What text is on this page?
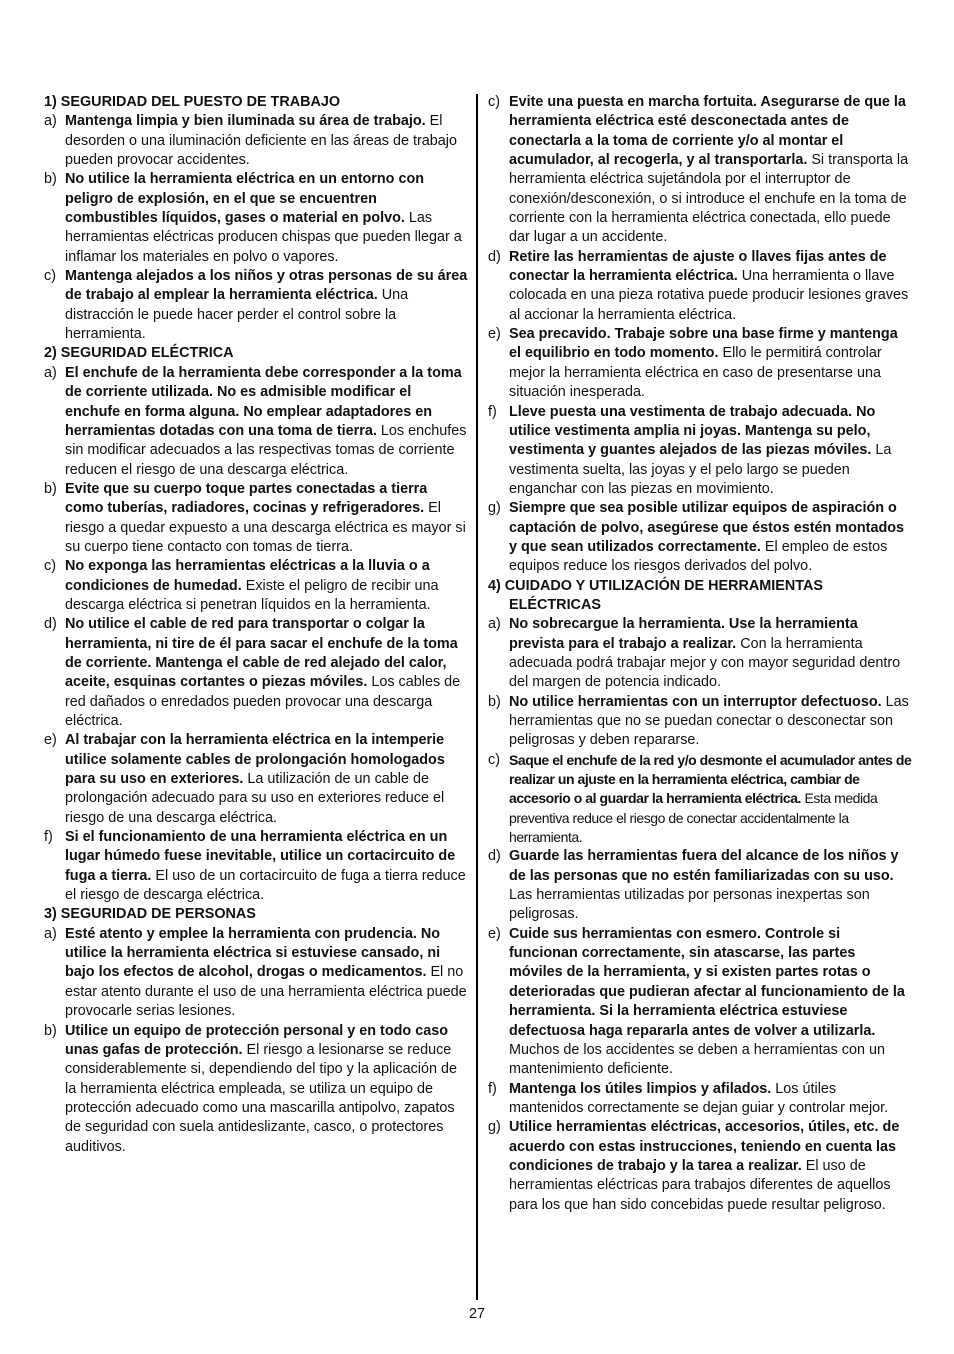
1) SEGURIDAD DEL PUESTO DE TRABAJO
a) Mantenga limpia y bien iluminada su área de trabajo. El desorden o una iluminación deficiente en las áreas de trabajo pueden provocar accidentes.
b) No utilice la herramienta eléctrica en un entorno con peligro de explosión, en el que se encuentren combustibles líquidos, gases o material en polvo. Las herramientas eléctricas producen chispas que pueden llegar a inflamar los materiales en polvo o vapores.
c) Mantenga alejados a los niños y otras personas de su área de trabajo al emplear la herramienta eléctrica. Una distracción le puede hacer perder el control sobre la herramienta.
2) SEGURIDAD ELÉCTRICA
a) El enchufe de la herramienta debe corresponder a la toma de corriente utilizada. No es admisible modificar el enchufe en forma alguna. No emplear adaptadores en herramientas dotadas con una toma de tierra. Los enchufes sin modificar adecuados a las respectivas tomas de corriente reducen el riesgo de una descarga eléctrica.
b) Evite que su cuerpo toque partes conectadas a tierra como tuberías, radiadores, cocinas y refrigeradores. El riesgo a quedar expuesto a una descarga eléctrica es mayor si su cuerpo tiene contacto con tomas de tierra.
c) No exponga las herramientas eléctricas a la lluvia o a condiciones de humedad. Existe el peligro de recibir una descarga eléctrica si penetran líquidos en la herramienta.
d) No utilice el cable de red para transportar o colgar la herramienta, ni tire de él para sacar el enchufe de la toma de corriente. Mantenga el cable de red alejado del calor, aceite, esquinas cortantes o piezas móviles. Los cables de red dañados o enredados pueden provocar una descarga eléctrica.
e) Al trabajar con la herramienta eléctrica en la intemperie utilice solamente cables de prolongación homologados para su uso en exteriores. La utilización de un cable de prolongación adecuado para su uso en exteriores reduce el riesgo de una descarga eléctrica.
f) Si el funcionamiento de una herramienta eléctrica en un lugar húmedo fuese inevitable, utilice un cortacircuito de fuga a tierra. El uso de un cortacircuito de fuga a tierra reduce el riesgo de descarga eléctrica.
3) SEGURIDAD DE PERSONAS
a) Esté atento y emplee la herramienta con prudencia. No utilice la herramienta eléctrica si estuviese cansado, ni bajo los efectos de alcohol, drogas o medicamentos. El no estar atento durante el uso de una herramienta eléctrica puede provocarle serias lesiones.
b) Utilice un equipo de protección personal y en todo caso unas gafas de protección. El riesgo a lesionarse se reduce considerablemente si, dependiendo del tipo y la aplicación de la herramienta eléctrica empleada, se utiliza un equipo de protección adecuado como una mascarilla antipolvo, zapatos de seguridad con suela antideslizante, casco, o protectores auditivos.
c) Evite una puesta en marcha fortuita. Asegurarse de que la herramienta eléctrica esté desconectada antes de conectarla a la toma de corriente y/o al montar el acumulador, al recogerla, y al transportarla. Si transporta la herramienta eléctrica sujetándola por el interruptor de conexión/desconexión, o si introduce el enchufe en la toma de corriente con la herramienta eléctrica conectada, ello puede dar lugar a un accidente.
d) Retire las herramientas de ajuste o llaves fijas antes de conectar la herramienta eléctrica. Una herramienta o llave colocada en una pieza rotativa puede producir lesiones graves al accionar la herramienta eléctrica.
e) Sea precavido. Trabaje sobre una base firme y mantenga el equilibrio en todo momento. Ello le permitirá controlar mejor la herramienta eléctrica en caso de presentarse una situación inesperada.
f) Lleve puesta una vestimenta de trabajo adecuada. No utilice vestimenta amplia ni joyas. Mantenga su pelo, vestimenta y guantes alejados de las piezas móviles. La vestimenta suelta, las joyas y el pelo largo se pueden enganchar con las piezas en movimiento.
g) Siempre que sea posible utilizar equipos de aspiración o captación de polvo, asegúrese que éstos estén montados y que sean utilizados correctamente. El empleo de estos equipos reduce los riesgos derivados del polvo.
4) CUIDADO Y UTILIZACIÓN DE HERRAMIENTAS
ELÉCTRICAS
a) No sobrecargue la herramienta. Use la herramienta prevista para el trabajo a realizar. Con la herramienta adecuada podrá trabajar mejor y con mayor seguridad dentro del margen de potencia indicado.
b) No utilice herramientas con un interruptor defectuoso. Las herramientas que no se puedan conectar o desconectar son peligrosas y deben repararse.
c) Saque el enchufe de la red y/o desmonte el acumulador antes de realizar un ajuste en la herramienta eléctrica, cambiar de accesorio o al guardar la herramienta eléctrica. Esta medida preventiva reduce el riesgo de conectar accidentalmente la herramienta.
d) Guarde las herramientas fuera del alcance de los niños y de las personas que no estén familiarizadas con su uso. Las herramientas utilizadas por personas inexpertas son peligrosas.
e) Cuide sus herramientas con esmero. Controle si funcionan correctamente, sin atascarse, las partes móviles de la herramienta, y si existen partes rotas o deterioradas que pudieran afectar al funcionamiento de la herramienta. Si la herramienta eléctrica estuviese defectuosa haga repararla antes de volver a utilizarla. Muchos de los accidentes se deben a herramientas con un mantenimiento deficiente.
f) Mantenga los útiles limpios y afilados. Los útiles mantenidos correctamente se dejan guiar y controlar mejor.
g) Utilice herramientas eléctricas, accesorios, útiles, etc. de acuerdo con estas instrucciones, teniendo en cuenta las condiciones de trabajo y la tarea a realizar. El uso de herramientas eléctricas para trabajos diferentes de aquellos para los que han sido concebidas puede resultar peligroso.
27
